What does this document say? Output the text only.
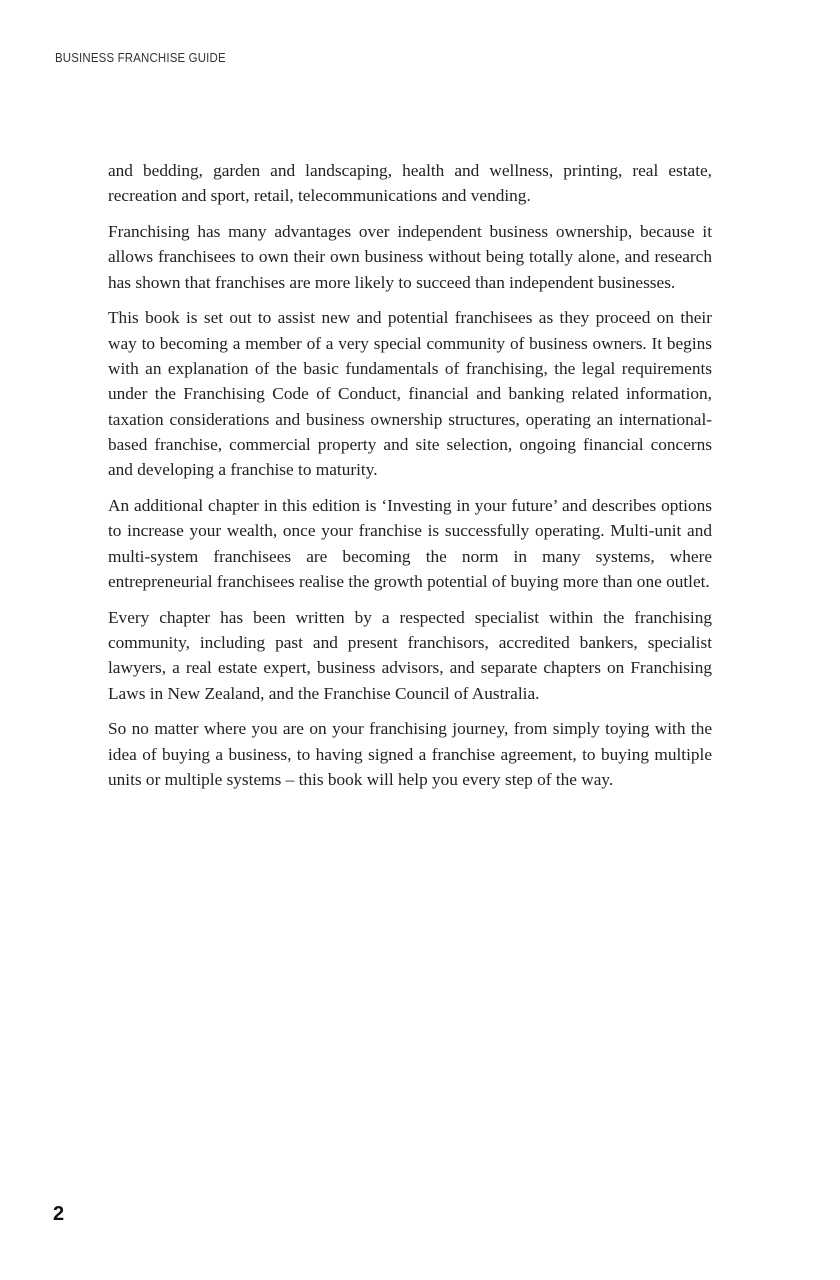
BUSINESS FRANCHISE GUIDE

and bedding, garden and landscaping, health and wellness, printing, real estate, recreation and sport, retail, telecommunications and vending.

Franchising has many advantages over independent business ownership, because it allows franchisees to own their own business without being totally alone, and research has shown that franchises are more likely to succeed than independent businesses.

This book is set out to assist new and potential franchisees as they proceed on their way to becoming a member of a very special community of business owners. It begins with an explanation of the basic fundamentals of franchising, the legal requirements under the Franchising Code of Conduct, financial and banking related information, taxation considerations and business ownership structures, operating an international-based franchise, commercial property and site selection, ongoing financial concerns and developing a franchise to maturity.

An additional chapter in this edition is ‘Investing in your future’ and describes options to increase your wealth, once your franchise is successfully operating. Multi-unit and multi-system franchisees are becoming the norm in many systems, where entrepreneurial franchisees realise the growth potential of buying more than one outlet.

Every chapter has been written by a respected specialist within the franchising community, including past and present franchisors, accredited bankers, specialist lawyers, a real estate expert, business advisors, and separate chapters on Franchising Laws in New Zealand, and the Franchise Council of Australia.

So no matter where you are on your franchising journey, from simply toying with the idea of buying a business, to having signed a franchise agreement, to buying multiple units or multiple systems – this book will help you every step of the way.

2
